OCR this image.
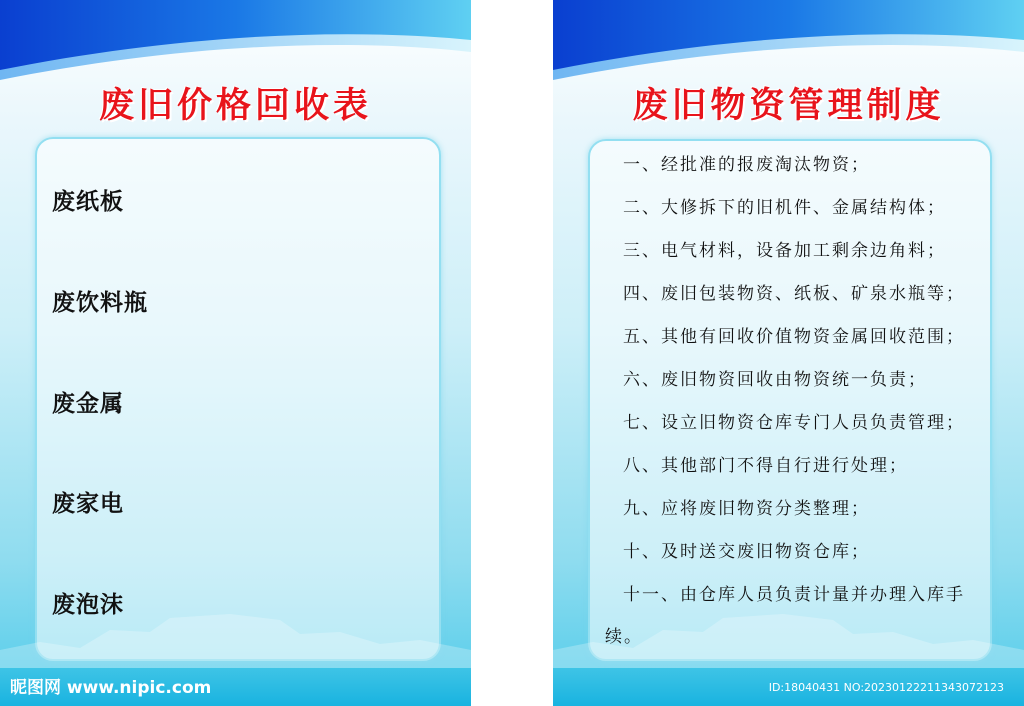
废旧价格回收表
废纸板
废饮料瓶
废金属
废家电
废泡沫
昵图网 www.nipic.com
废旧物资管理制度
一、经批准的报废淘汰物资；
二、大修拆下的旧机件、金属结构体；
三、电气材料，设备加工剩余边角料；
四、废旧包装物资、纸板、矿泉水瓶等；
五、其他有回收价值物资金属回收范围；
六、废旧物资回收由物资统一负责；
七、设立旧物资仓库专门人员负责管理；
八、其他部门不得自行进行处理；
九、应将废旧物资分类整理；
十、及时送交废旧物资仓库；
十一、由仓库人员负责计量并办理入库手
续。
ID:18040431 NO:20230122211343072123
